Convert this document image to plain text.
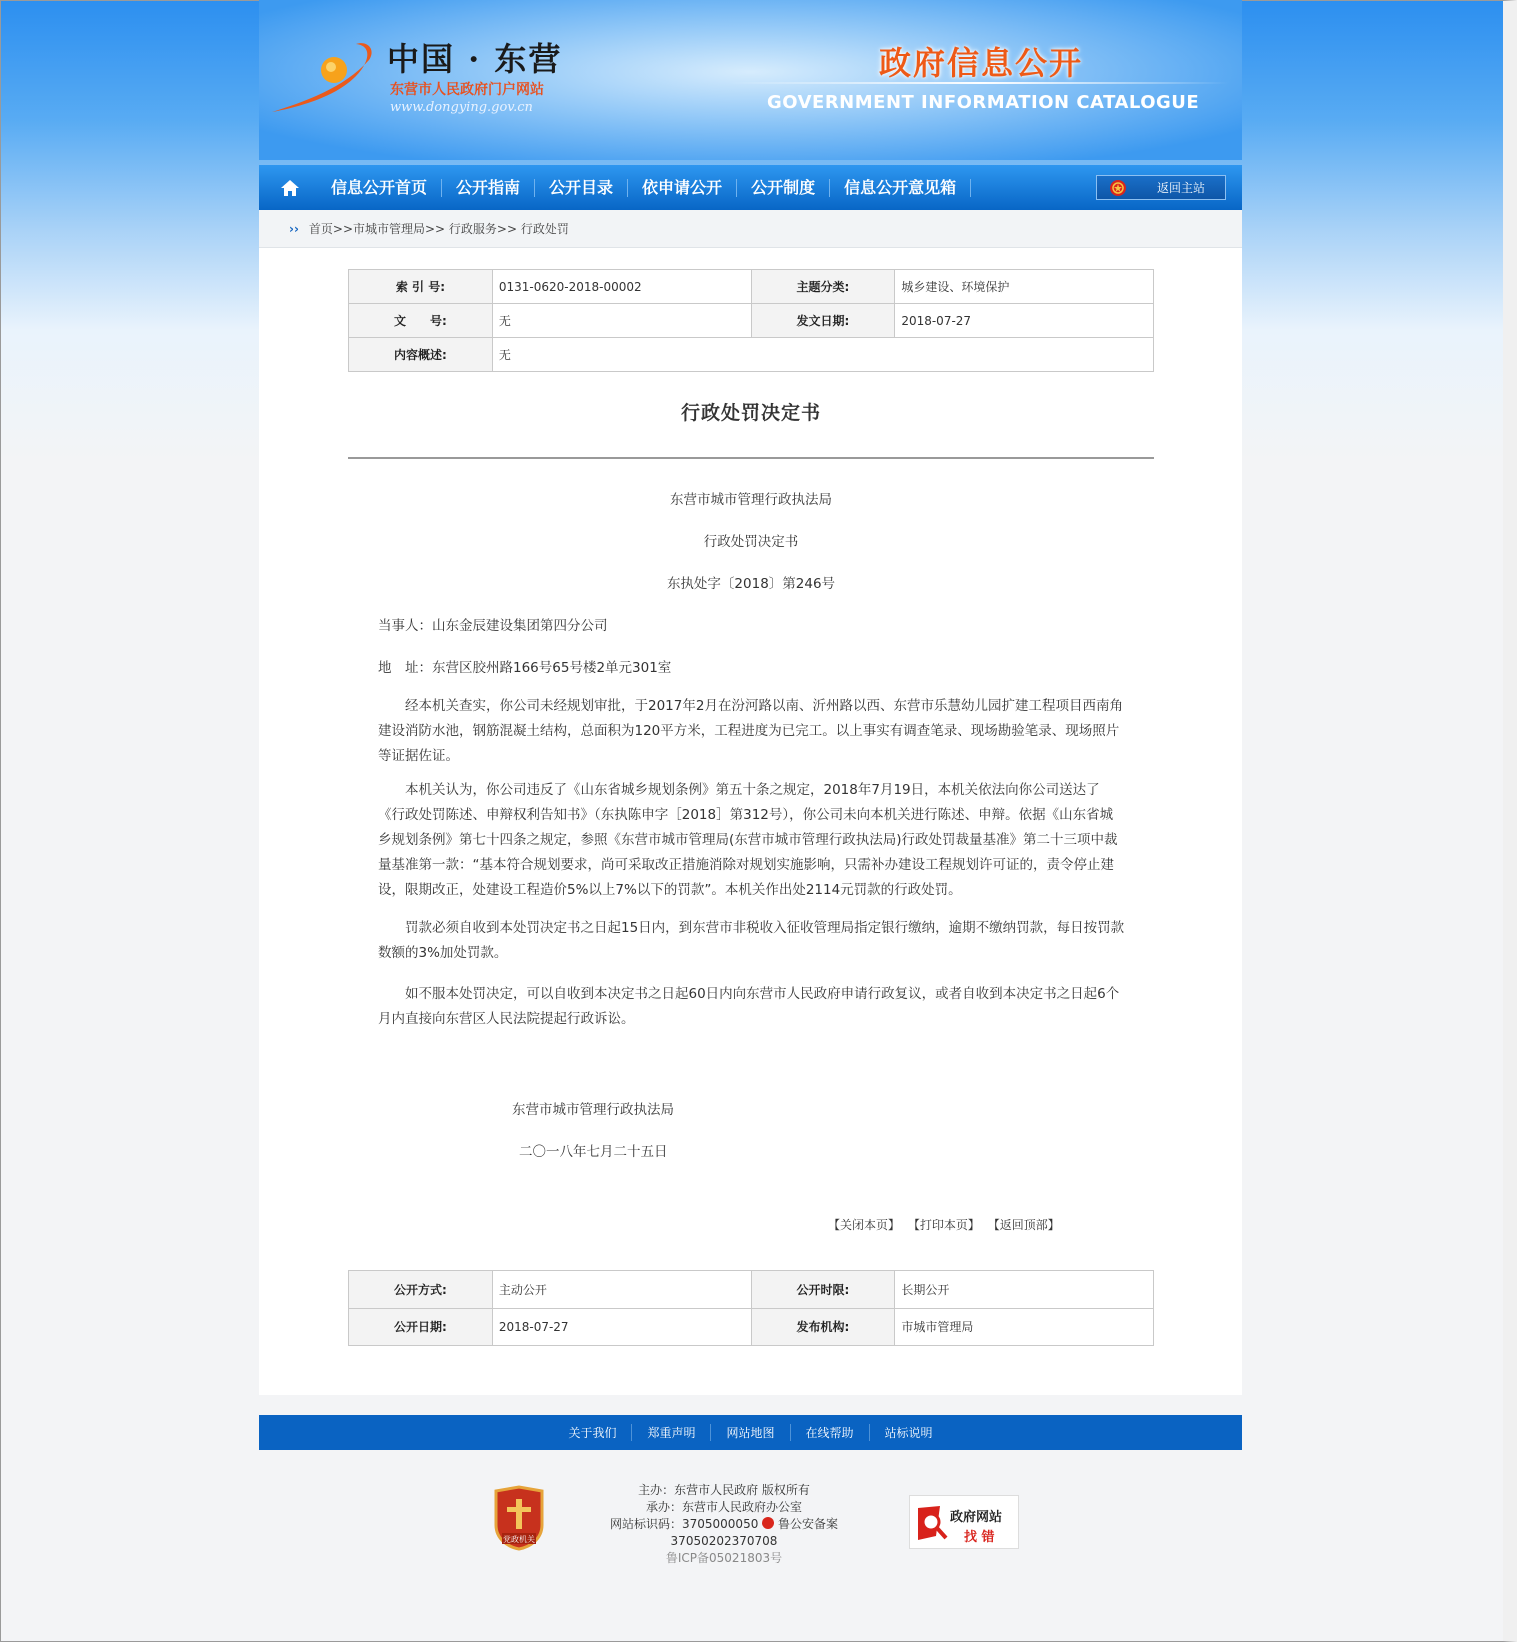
中国 · 东营
东营市人民政府门户网站
www.dongying.gov.cn
政府信息公开
GOVERNMENT INFORMATION CATALOGUE
信息公开首页	公开指南	公开目录	依申请公开	公开制度	信息公开意见箱	返回主站
›› 首页>>市城市管理局>> 行政服务>> 行政处罚
索 引 号:	0131-0620-2018-00002	主题分类:	城乡建设、环境保护
文　　号:	无	发文日期:	2018-07-27
内容概述:	无		
行政处罚决定书
东营市城市管理行政执法局
行政处罚决定书
东执处字〔2018〕第246号
当事人：山东金辰建设集团第四分公司
地　址：东营区胶州路166号65号楼2单元301室
经本机关查实，你公司未经规划审批，于2017年2月在汾河路以南、沂州路以西、东营市乐慧幼儿园扩建工程项目西南角建设消防水池，钢筋混凝土结构，总面积为120平方米，工程进度为已完工。以上事实有调查笔录、现场勘验笔录、现场照片等证据佐证。
本机关认为，你公司违反了《山东省城乡规划条例》第五十条之规定，2018年7月19日，本机关依法向你公司送达了《行政处罚陈述、申辩权利告知书》（东执陈申字［2018］第312号），你公司未向本机关进行陈述、申辩。依据《山东省城乡规划条例》第七十四条之规定，参照《东营市城市管理局(东营市城市管理行政执法局)行政处罚裁量基准》第二十三项中裁量基准第一款：“基本符合规划要求，尚可采取改正措施消除对规划实施影响，只需补办建设工程规划许可证的，责令停止建设，限期改正，处建设工程造价5%以上7%以下的罚款”。本机关作出处2114元罚款的行政处罚。
罚款必须自收到本处罚决定书之日起15日内，到东营市非税收入征收管理局指定银行缴纳，逾期不缴纳罚款，每日按罚款数额的3%加处罚款。
如不服本处罚决定，可以自收到本决定书之日起60日内向东营市人民政府申请行政复议，或者自收到本决定书之日起6个月内直接向东营区人民法院提起行政诉讼。
东营市城市管理行政执法局
二〇一八年七月二十五日
【关闭本页】 【打印本页】 【返回顶部】
公开方式:	主动公开	公开时限:	长期公开
公开日期:	2018-07-27	发布机构:	市城市管理局
关于我们	郑重声明	网站地图	在线帮助	站标说明
党政机关
主办：东营市人民政府 版权所有
承办：东营市人民政府办公室
网站标识码：3705000050 鲁公安备案37050202370708
鲁ICP备05021803号
政府网站
找 错
